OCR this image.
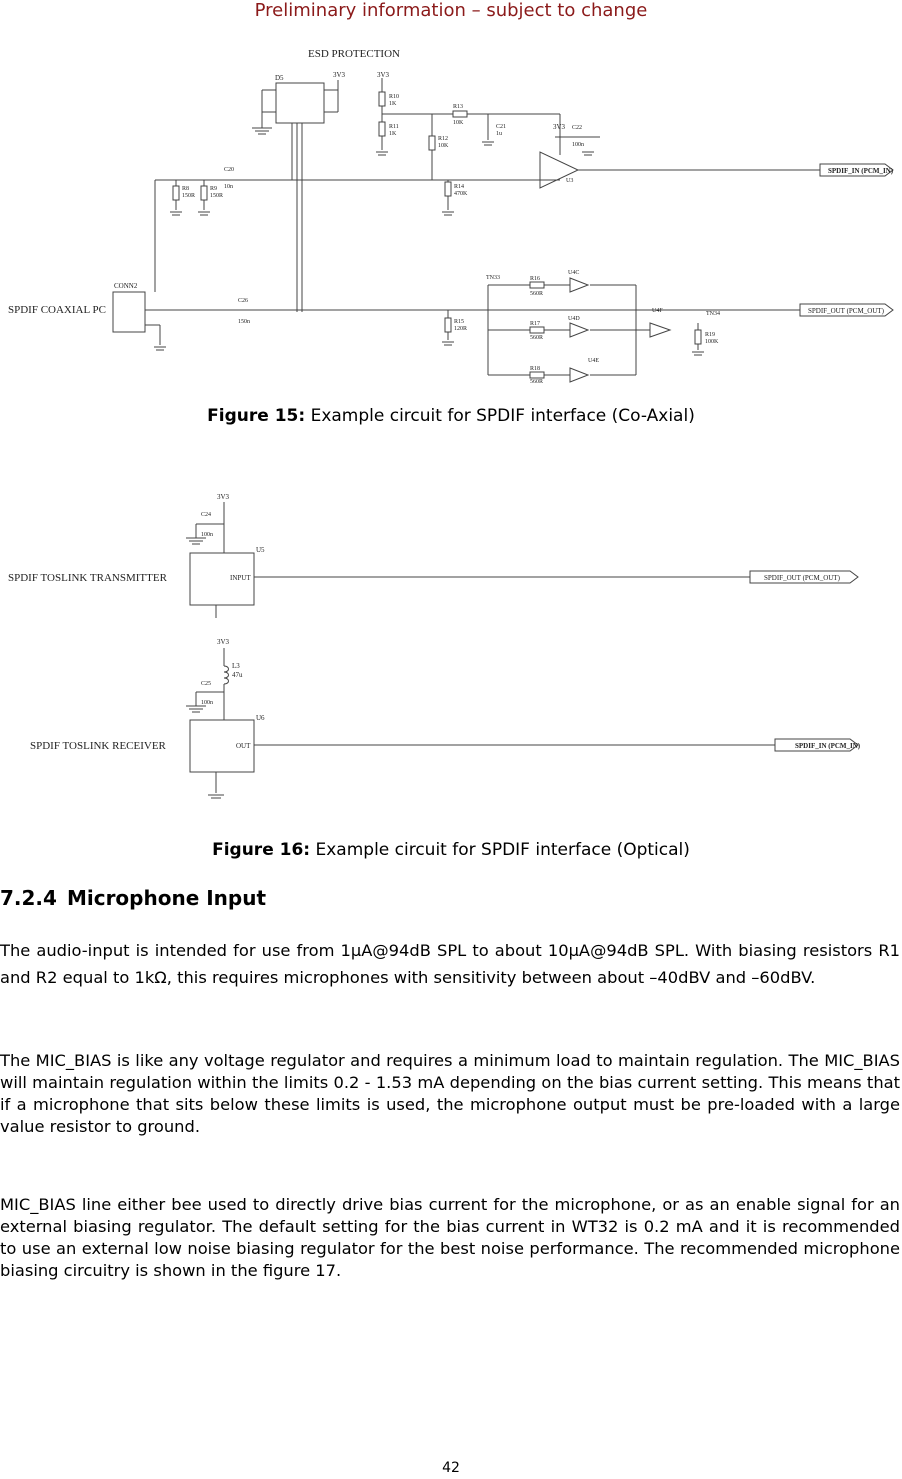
Preliminary information – subject to change
ESD PROTECTION
SPDIF COAXIAL PC
CONN2
D5	3V3	3V3
3V3
R8
150R
R9
150R
C20
10n
R10
1K
R11
1K
R12
10K
R13
10K
C21
1u
C22
100n
R14
470K
U3
SPDIF_IN (PCM_IN)
C26
150n	R15
120R
TN33
TN34
R16
560R
R17
560R
R18
560R
U4C
U4D
U4E
U4F
R19
100K
SPDIF_OUT (PCM_OUT)
Figure 15: Example circuit for SPDIF interface (Co-Axial)
SPDIF TOSLINK TRANSMITTER
SPDIF TOSLINK RECEIVER
3V3
3V3
C24
100n
C25
100n
L3
47u
U5
U6
INPUT
OUT
SPDIF_OUT (PCM_OUT)
SPDIF_IN (PCM_IN)
Figure 16: Example circuit for SPDIF interface (Optical)
7.2.4 Microphone Input
The audio-input is intended for use from 1μA@94dB SPL to about 10μA@94dB SPL. With biasing resistors R1 and R2 equal to 1kΩ, this requires microphones with sensitivity between about –40dBV and –60dBV.
The MIC_BIAS is like any voltage regulator and requires a minimum load to maintain regulation. The MIC_BIAS will maintain regulation within the limits 0.2 - 1.53 mA depending on the bias current setting. This means that if a microphone that sits below these limits is used, the microphone output must be pre-loaded with a large value resistor to ground.
MIC_BIAS line either bee used to directly drive bias current for the microphone, or as an enable signal for an external biasing regulator. The default setting for the bias current in WT32 is 0.2 mA and it is recommended to use an external low noise biasing regulator for the best noise performance. The recommended microphone biasing circuitry is shown in the figure 17.
42
